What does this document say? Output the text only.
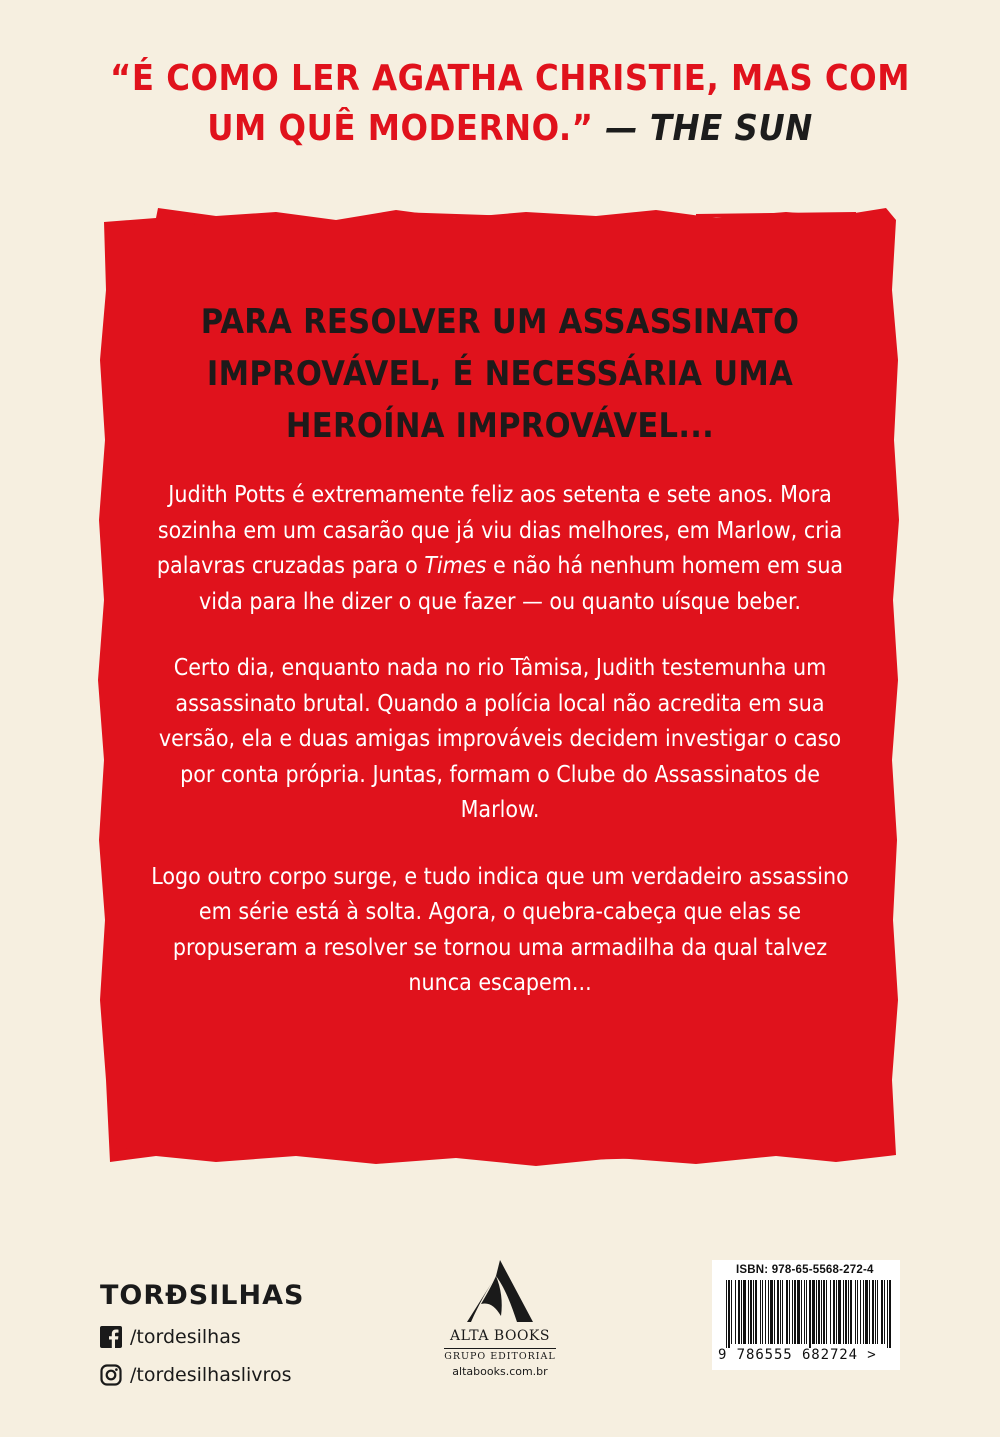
“É COMO LER AGATHA CHRISTIE, MAS COM
UM QUÊ MODERNO.” — THE SUN
PARA RESOLVER UM ASSASSINATO
IMPROVÁVEL, É NECESSÁRIA UMA
HEROÍNA IMPROVÁVEL...

Judith Potts é extremamente feliz aos setenta e sete anos. Mora sozinha em um casarão que já viu dias melhores, em Marlow, cria palavras cruzadas para o Times e não há nenhum homem em sua vida para lhe dizer o que fazer — ou quanto uísque beber.

Certo dia, enquanto nada no rio Tâmisa, Judith testemunha um assassinato brutal. Quando a polícia local não acredita em sua versão, ela e duas amigas improváveis decidem investigar o caso por conta própria. Juntas, formam o Clube do Assassinatos de Marlow.

Logo outro corpo surge, e tudo indica que um verdadeiro assassino em série está à solta. Agora, o quebra-cabeça que elas se propuseram a resolver se tornou uma armadilha da qual talvez nunca escapem...

TORÐSILHAS
/tordesilhas
/tordesilhaslivros
ALTA BOOKS
GRUPO EDITORIAL
altabooks.com.br
ISBN: 978-65-5568-272-4
9 786555 682724 >
